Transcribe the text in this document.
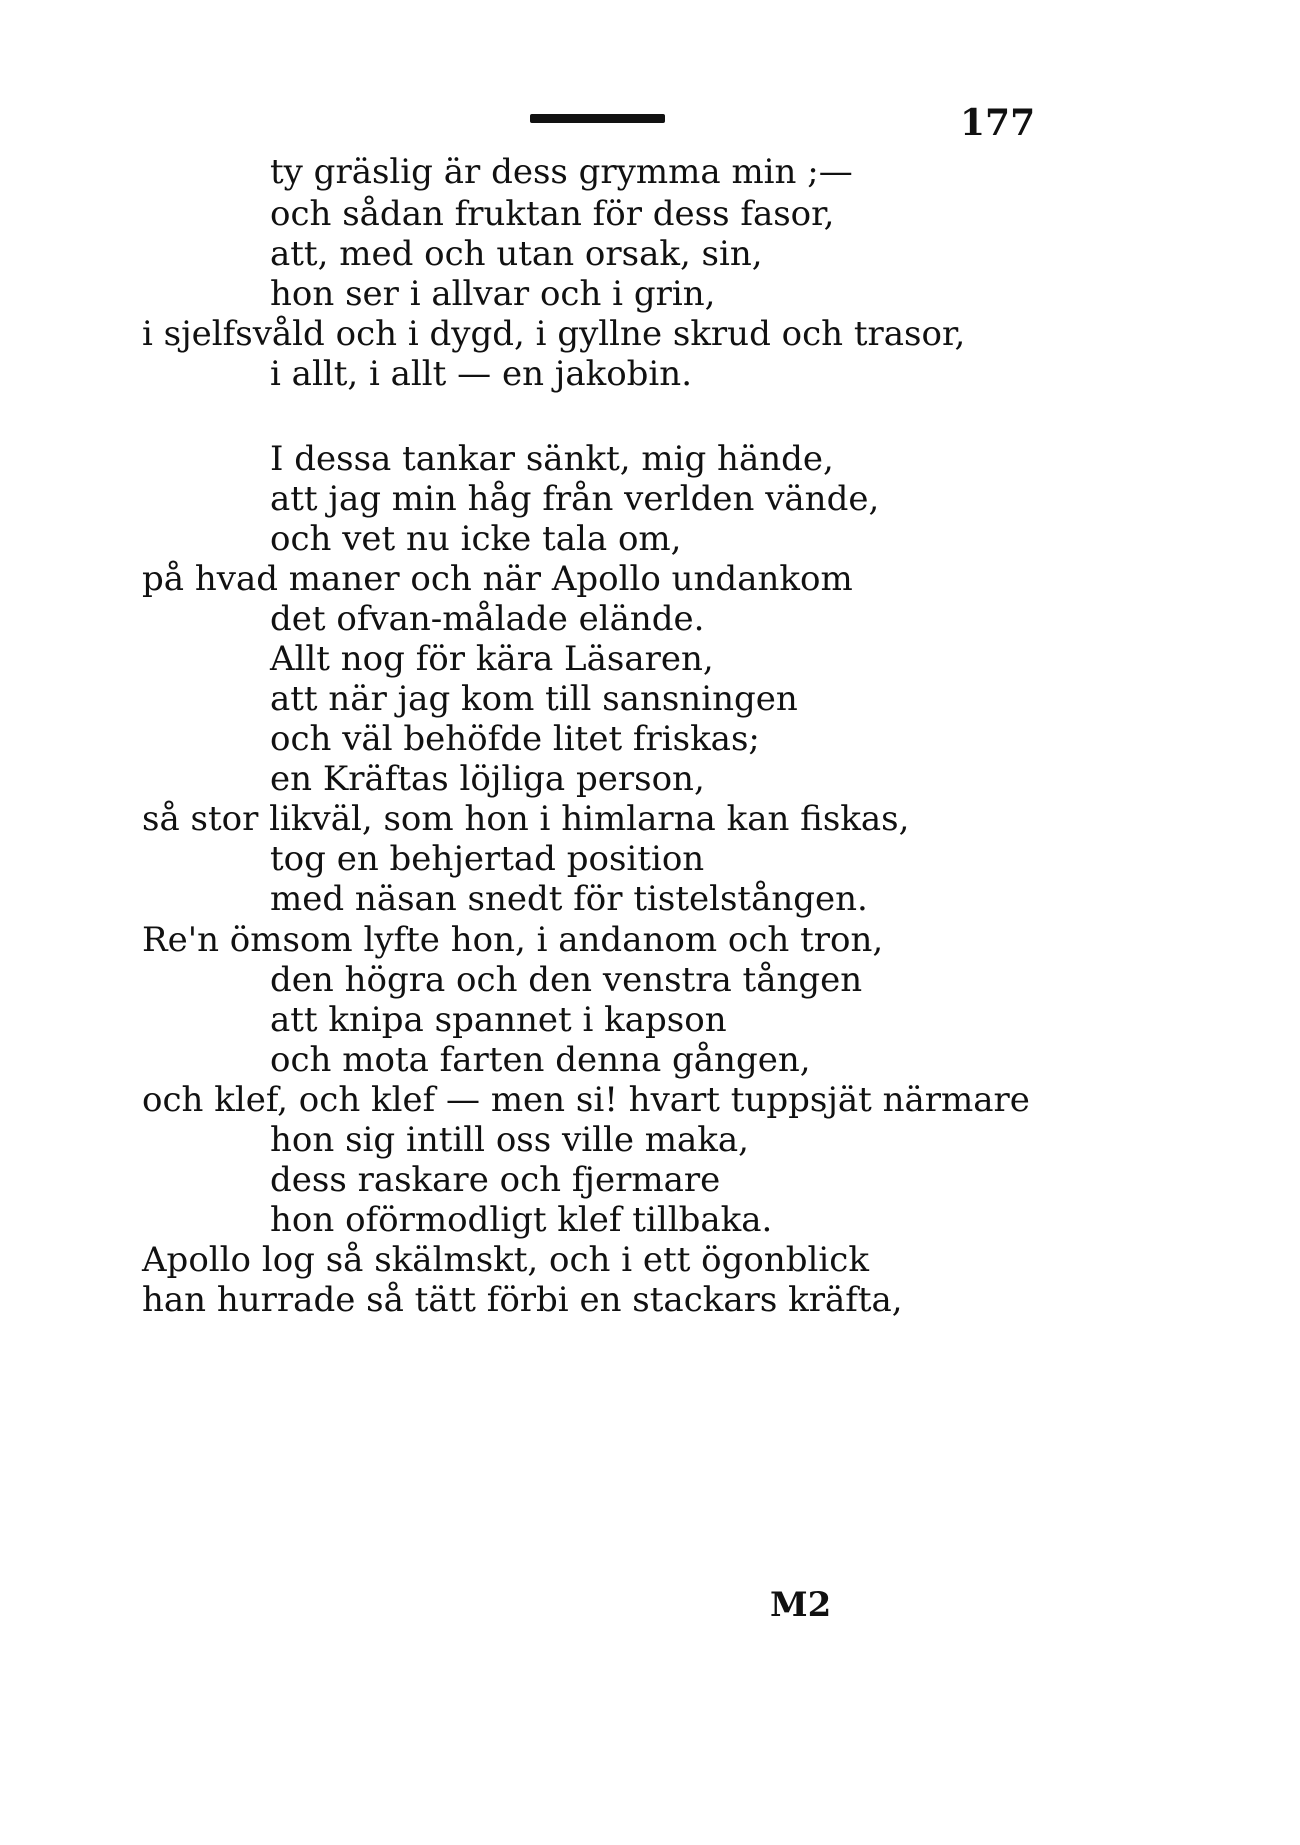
177
ty gräslig är dess grymma min ;—
och sådan fruktan för dess fasor,
att, med och utan orsak, sin,
hon ser i allvar och i grin,
i sjelfsvåld och i dygd, i gyllne skrud och trasor,
i allt, i allt — en jakobin.
I dessa tankar sänkt, mig hände,
att jag min håg från verlden vände,
och vet nu icke tala om,
på hvad maner och när Apollo undankom
det ofvan-målade elände.
Allt nog för kära Läsaren,
att när jag kom till sansningen
och väl behöfde litet friskas;
en Kräftas löjliga person,
så stor likväl, som hon i himlarna kan fiskas,
tog en behjertad position
med näsan snedt för tistelstången.
Re'n ömsom lyfte hon, i andanom och tron,
den högra och den venstra tången
att knipa spannet i kapson
och mota farten denna gången,
och klef, och klef — men si! hvart tuppsjät närmare
hon sig intill oss ville maka,
dess raskare och fjermare
hon oförmodligt klef tillbaka.
Apollo log så skälmskt, och i ett ögonblick
han hurrade så tätt förbi en stackars kräfta,
M2
